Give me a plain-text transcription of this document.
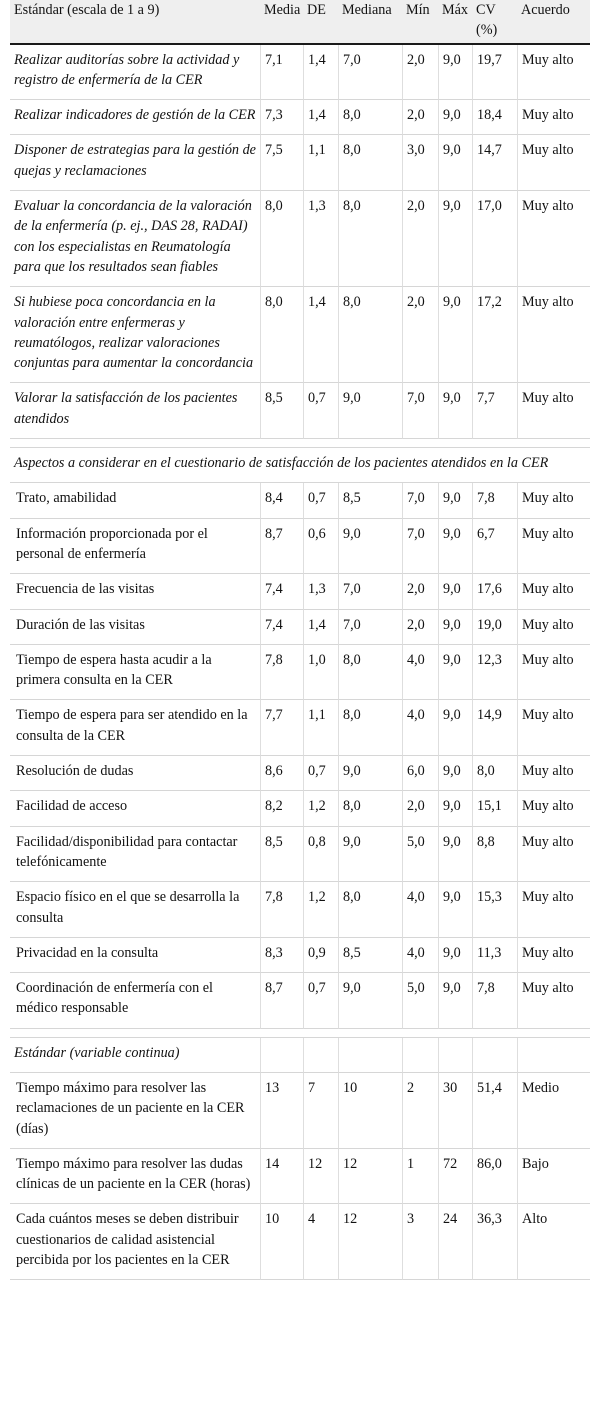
Estándar (escala de 1 a 9)	Media	DE	Mediana	Mín	Máx	CV (%)	Acuerdo
Realizar auditorías sobre la actividad y registro de enfermería de la CER	7,1	1,4	7,0	2,0	9,0	19,7	Muy alto
Realizar indicadores de gestión de la CER	7,3	1,4	8,0	2,0	9,0	18,4	Muy alto
Disponer de estrategias para la gestión de quejas y reclamaciones	7,5	1,1	8,0	3,0	9,0	14,7	Muy alto
Evaluar la concordancia de la valoración de la enfermería (p. ej., DAS 28, RADAI) con los especialistas en Reumatología para que los resultados sean fiables	8,0	1,3	8,0	2,0	9,0	17,0	Muy alto
Si hubiese poca concordancia en la valoración entre enfermeras y reumatólogos, realizar valoraciones conjuntas para aumentar la concordancia	8,0	1,4	8,0	2,0	9,0	17,2	Muy alto
Valorar la satisfacción de los pacientes atendidos	8,5	0,7	9,0	7,0	9,0	7,7	Muy alto

Aspectos a considerar en el cuestionario de satisfacción de los pacientes atendidos en la CER							
Trato, amabilidad	8,4	0,7	8,5	7,0	9,0	7,8	Muy alto
Información proporcionada por el personal de enfermería	8,7	0,6	9,0	7,0	9,0	6,7	Muy alto
Frecuencia de las visitas	7,4	1,3	7,0	2,0	9,0	17,6	Muy alto
Duración de las visitas	7,4	1,4	7,0	2,0	9,0	19,0	Muy alto
Tiempo de espera hasta acudir a la primera consulta en la CER	7,8	1,0	8,0	4,0	9,0	12,3	Muy alto
Tiempo de espera para ser atendido en la consulta de la CER	7,7	1,1	8,0	4,0	9,0	14,9	Muy alto
Resolución de dudas	8,6	0,7	9,0	6,0	9,0	8,0	Muy alto
Facilidad de acceso	8,2	1,2	8,0	2,0	9,0	15,1	Muy alto
Facilidad/disponibilidad para contactar telefónicamente	8,5	0,8	9,0	5,0	9,0	8,8	Muy alto
Espacio físico en el que se desarrolla la consulta	7,8	1,2	8,0	4,0	9,0	15,3	Muy alto
Privacidad en la consulta	8,3	0,9	8,5	4,0	9,0	11,3	Muy alto
Coordinación de enfermería con el médico responsable	8,7	0,7	9,0	5,0	9,0	7,8	Muy alto

Estándar (variable continua)							
Tiempo máximo para resolver las reclamaciones de un paciente en la CER (días)	13	7	10	2	30	51,4	Medio
Tiempo máximo para resolver las dudas clínicas de un paciente en la CER (horas)	14	12	12	1	72	86,0	Bajo
Cada cuántos meses se deben distribuir cuestionarios de calidad asistencial percibida por los pacientes en la CER	10	4	12	3	24	36,3	Alto
